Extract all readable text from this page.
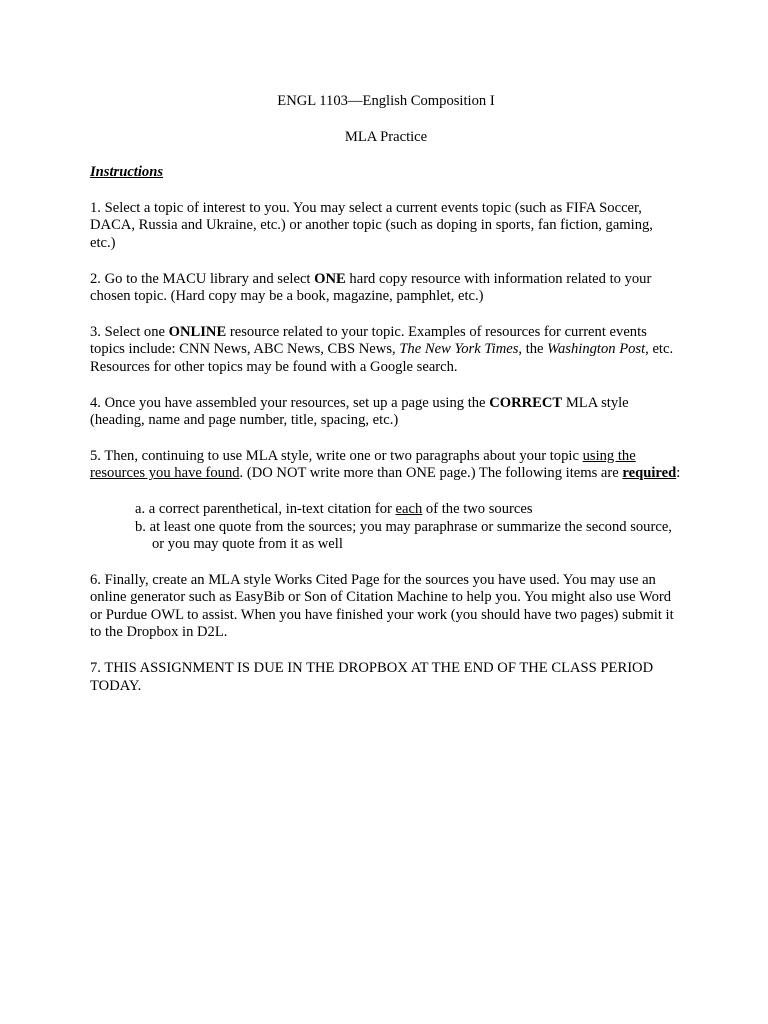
ENGL 1103—English Composition I

MLA Practice

Instructions

1. Select a topic of interest to you. You may select a current events topic (such as FIFA Soccer, DACA, Russia and Ukraine, etc.) or another topic (such as doping in sports, fan fiction, gaming, etc.)

2. Go to the MACU library and select ONE hard copy resource with information related to your chosen topic. (Hard copy may be a book, magazine, pamphlet, etc.)

3. Select one ONLINE resource related to your topic. Examples of resources for current events topics include: CNN News, ABC News, CBS News, The New York Times, the Washington Post, etc. Resources for other topics may be found with a Google search.

4. Once you have assembled your resources, set up a page using the CORRECT MLA style (heading, name and page number, title, spacing, etc.)

5. Then, continuing to use MLA style, write one or two paragraphs about your topic using the resources you have found. (DO NOT write more than ONE page.) The following items are required:

a. a correct parenthetical, in-text citation for each of the two sources
b. at least one quote from the sources; you may paraphrase or summarize the second source, or you may quote from it as well

6. Finally, create an MLA style Works Cited Page for the sources you have used. You may use an online generator such as EasyBib or Son of Citation Machine to help you. You might also use Word or Purdue OWL to assist. When you have finished your work (you should have two pages) submit it to the Dropbox in D2L.

7. THIS ASSIGNMENT IS DUE IN THE DROPBOX AT THE END OF THE CLASS PERIOD TODAY.
